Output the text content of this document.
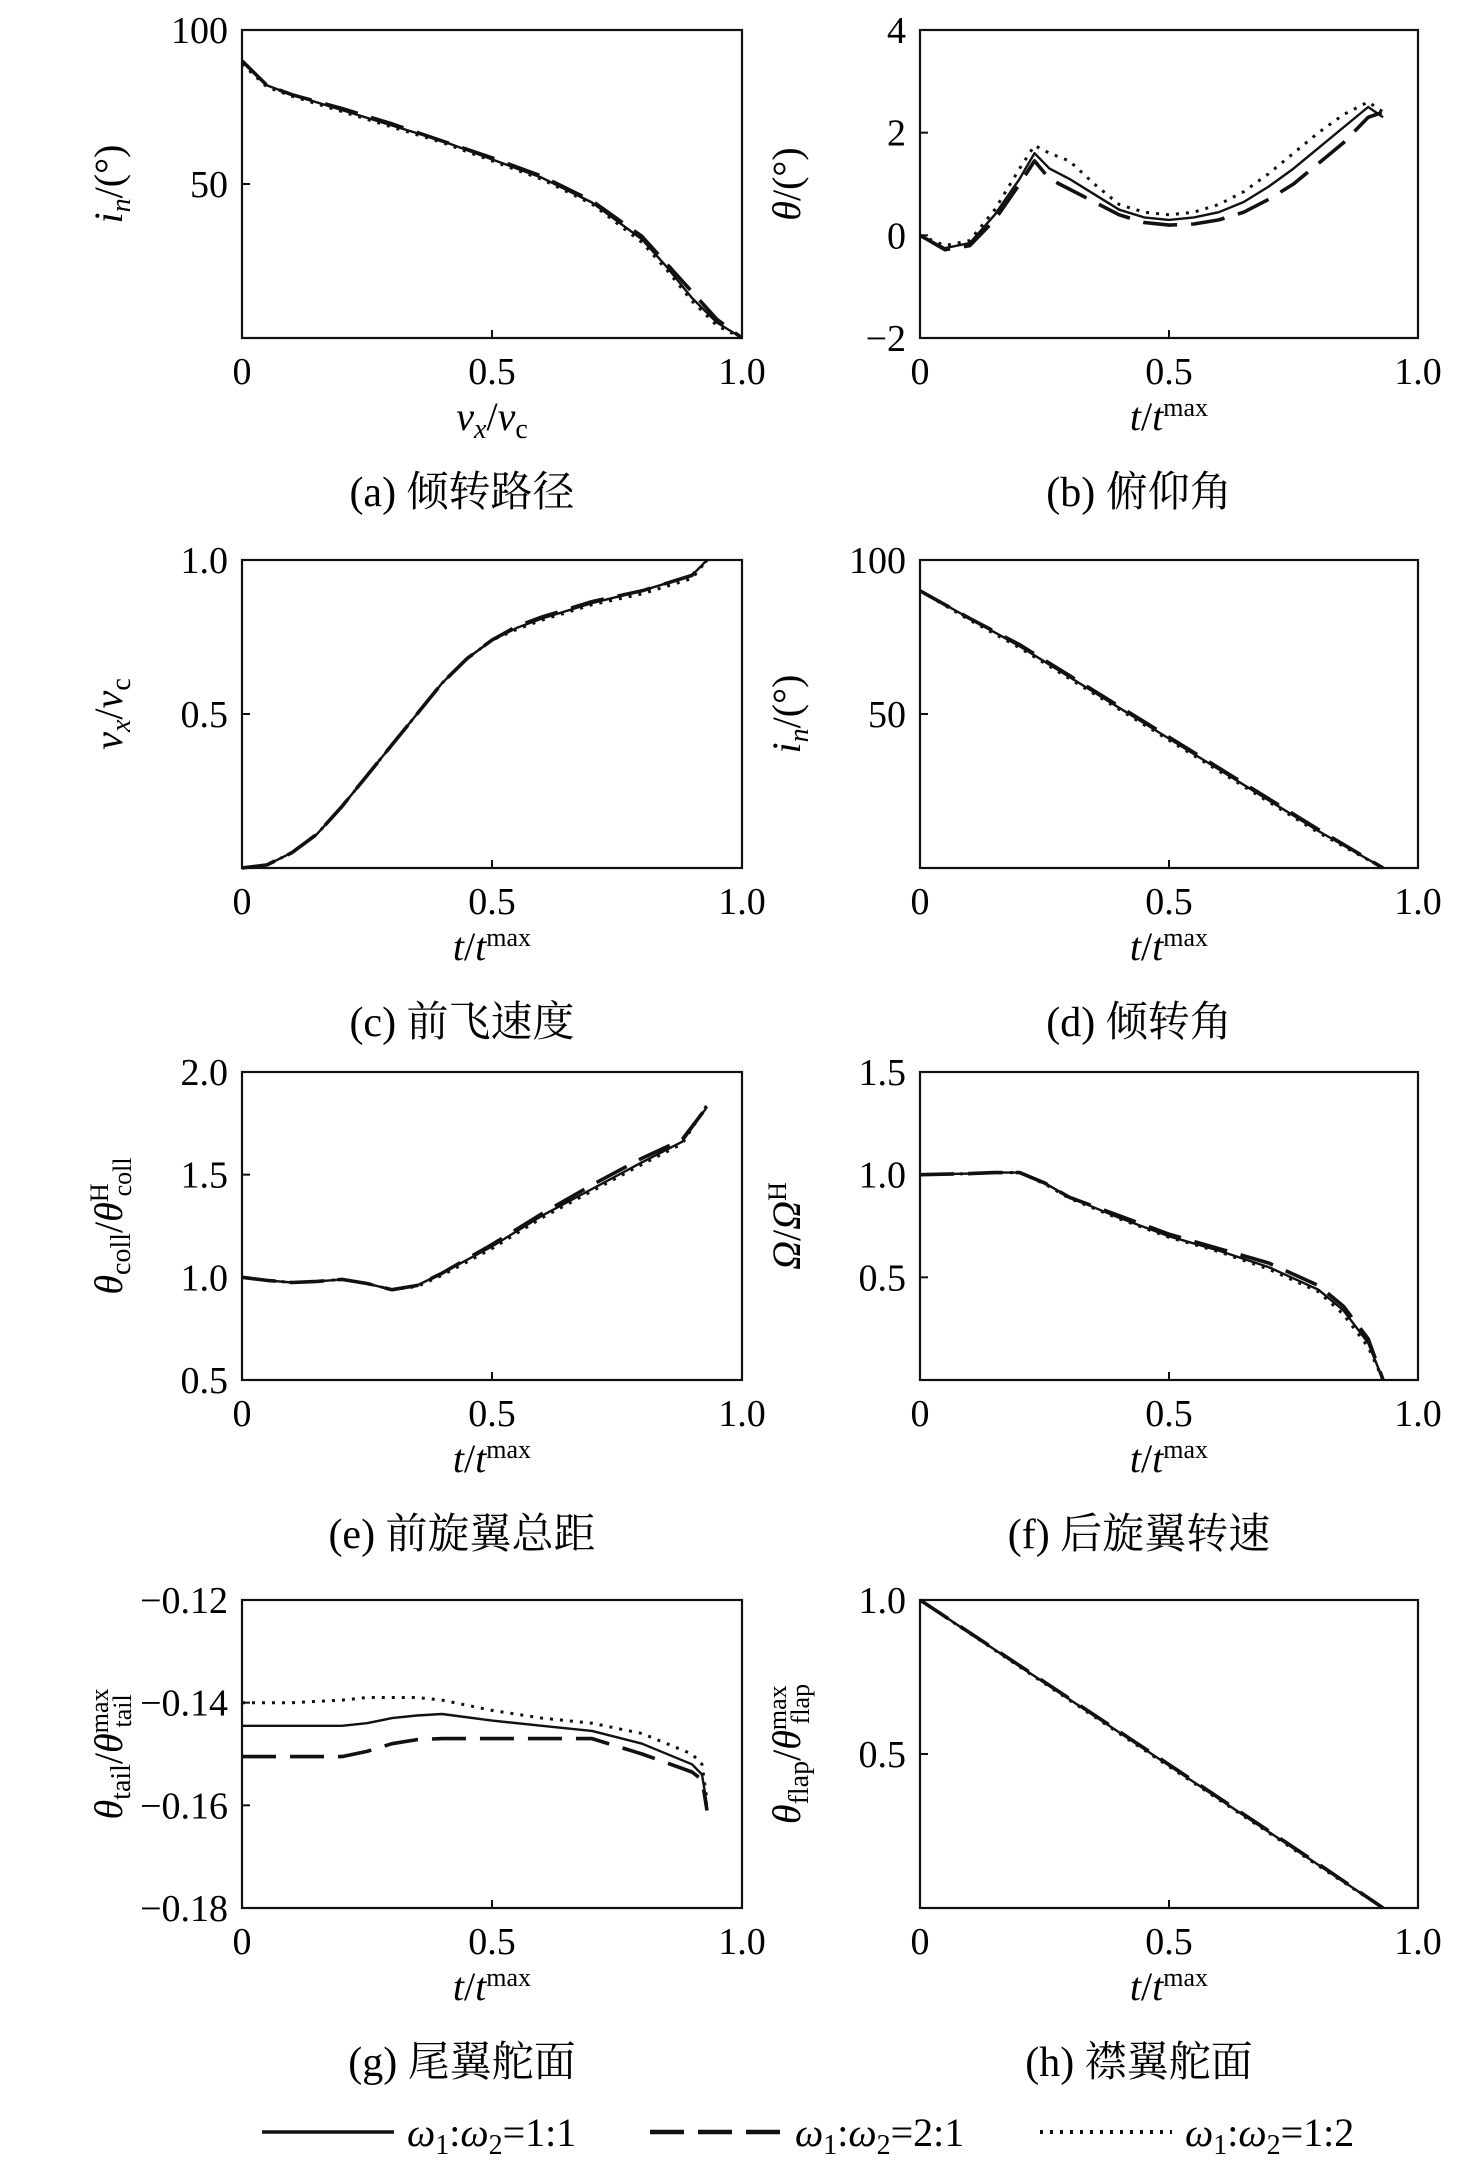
0	0.5	1.0
50
100
vx/vc
in/(°)
(a) 倾转路径
0	0.5	1.0
−2
0
2
4
t/tmax
θ/(°)
(b) 俯仰角
0	0.5	1.0
0.5
1.0
t/tmax
vx/vc
(c) 前飞速度
0	0.5	1.0
50
100
t/tmax
in/(°)
(d) 倾转角
0	0.5	1.0
0.5
1.0
1.5
2.0
t/tmax
θcoll/θHcoll
(e) 前旋翼总距
0	0.5	1.0
0.5
1.0
1.5
t/tmax
Ω/ΩH
(f) 后旋翼转速
0	0.5	1.0
−0.18
−0.16
−0.14
−0.12
t/tmax
θtail/θmaxtail
(g) 尾翼舵面
0	0.5	1.0
0.5
1.0
t/tmax
θflap/θmaxflap
(h) 襟翼舵面
ω1:ω2=1:1	ω1:ω2=2:1	ω1:ω2=1:2
